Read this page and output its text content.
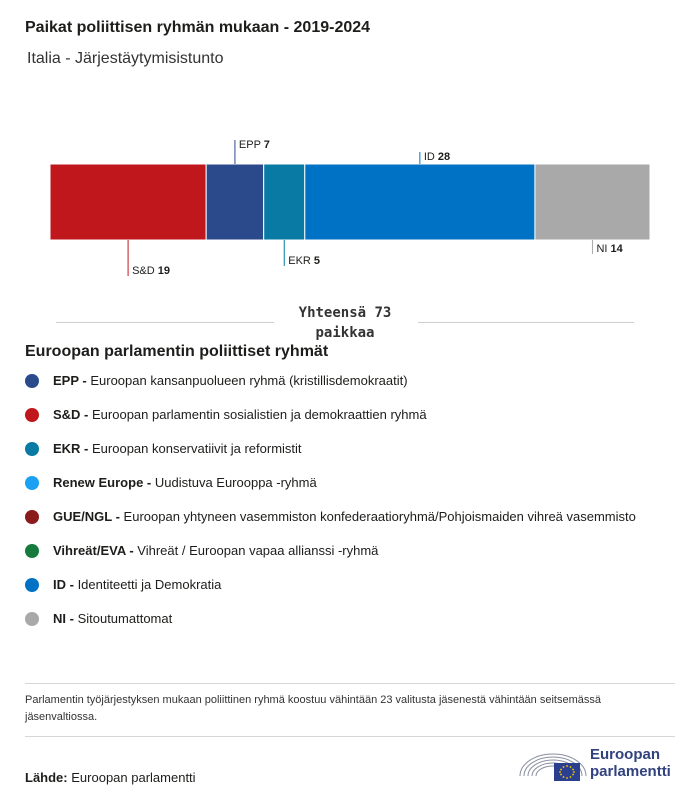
Paikat poliittisen ryhmän mukaan - 2019-2024
Italia - Järjestäytymisistunto
S&D 19
EPP 7
EKR 5
ID 28
NI 14
Yhteensä 73 paikkaa
Euroopan parlamentin poliittiset ryhmät
EPP - Euroopan kansanpuolueen ryhmä (kristillisdemokraatit)
S&D - Euroopan parlamentin sosialistien ja demokraattien ryhmä
EKR - Euroopan konservatiivit ja reformistit
Renew Europe - Uudistuva Eurooppa -ryhmä
GUE/NGL - Euroopan yhtyneen vasemmiston konfederaatioryhmä/Pohjoismaiden vihreä vasemmisto
Vihreät/EVA - Vihreät / Euroopan vapaa allianssi -ryhmä
ID - Identiteetti ja Demokratia
NI - Sitoutumattomat
Parlamentin työjärjestyksen mukaan poliittinen ryhmä koostuu vähintään 23 valitusta jäsenestä vähintään seitsemässä jäsenvaltiossa.
Lähde: Euroopan parlamentti
Euroopan
parlamentti
